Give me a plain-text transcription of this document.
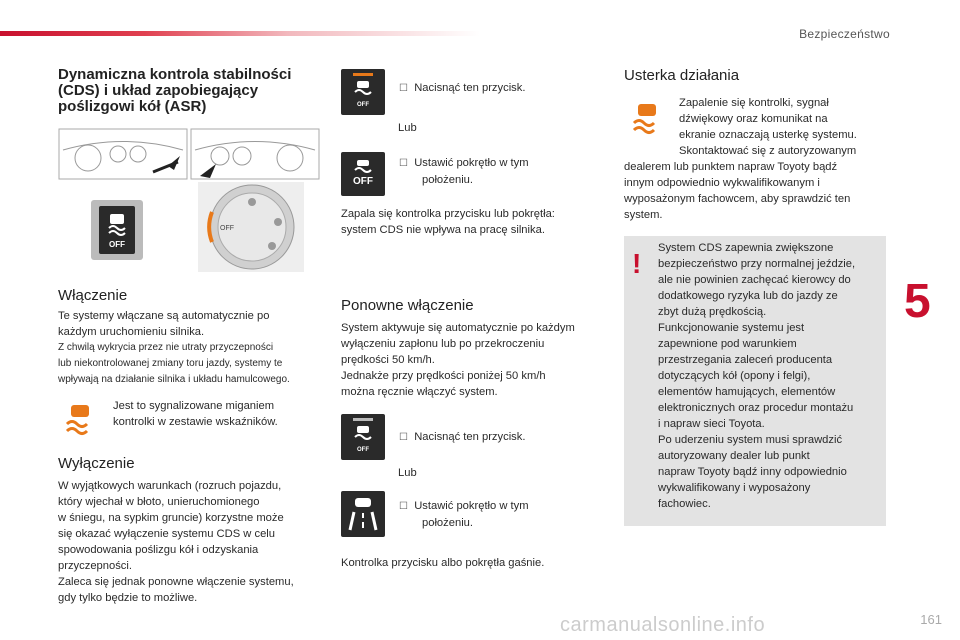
Bezpieczeństwo
Dynamiczna kontrola stabilności
(CDS) i układ zapobiegający
poślizgowi kół (ASR)
OFF
OFF
Włączenie
Te systemy włączane są automatycznie po
każdym uruchomieniu silnika.
Z chwilą wykrycia przez nie utraty przyczepności
lub niekontrolowanej zmiany toru jazdy, systemy te
wpływają na działanie silnika i układu hamulcowego.
Jest to sygnalizowane miganiem
kontrolki w zestawie wskaźników.
Wyłączenie
W wyjątkowych warunkach (rozruch pojazdu,
który wjechał w błoto, unieruchomionego
w śniegu, na sypkim gruncie) korzystne może
się okazać wyłączenie systemu CDS w celu
spowodowania poślizgu kół i odzyskania
przyczepności.
Zaleca się jednak ponowne włączenie systemu,
gdy tylko będzie to możliwe.
OFF
☐ Nacisnąć ten przycisk.
Lub
OFF
☐ Ustawić pokrętło w tym
położeniu.
Zapala się kontrolka przycisku lub pokrętła:
system CDS nie wpływa na pracę silnika.
Ponowne włączenie
System aktywuje się automatycznie po każdym
wyłączeniu zapłonu lub po przekroczeniu
prędkości 50 km/h.
Jednakże przy prędkości poniżej 50 km/h
można ręcznie włączyć system.
OFF
☐ Nacisnąć ten przycisk.
Lub
☐ Ustawić pokrętło w tym
położeniu.
Kontrolka przycisku albo pokrętła gaśnie.
Usterka działania
Zapalenie się kontrolki, sygnał
dźwiękowy oraz komunikat na
ekranie oznaczają usterkę systemu.
Skontaktować się z autoryzowanym
dealerem lub punktem napraw Toyoty bądź
innym odpowiednio wykwalifikowanym i
wyposażonym fachowcem, aby sprawdzić ten
system.
! System CDS zapewnia zwiększone
bezpieczeństwo przy normalnej jeździe,
ale nie powinien zachęcać kierowcy do
dodatkowego ryzyka lub do jazdy ze
zbyt dużą prędkością.
Funkcjonowanie systemu jest
zapewnione pod warunkiem
przestrzegania zaleceń producenta
dotyczących kół (opony i felgi),
elementów hamujących, elementów
elektronicznych oraz procedur montażu
i napraw sieci Toyota.
Po uderzeniu system musi sprawdzić
autoryzowany dealer lub punkt
napraw Toyoty bądź inny odpowiednio
wykwalifikowany i wyposażony
fachowiec.
5
carmanualsonline.info	161
